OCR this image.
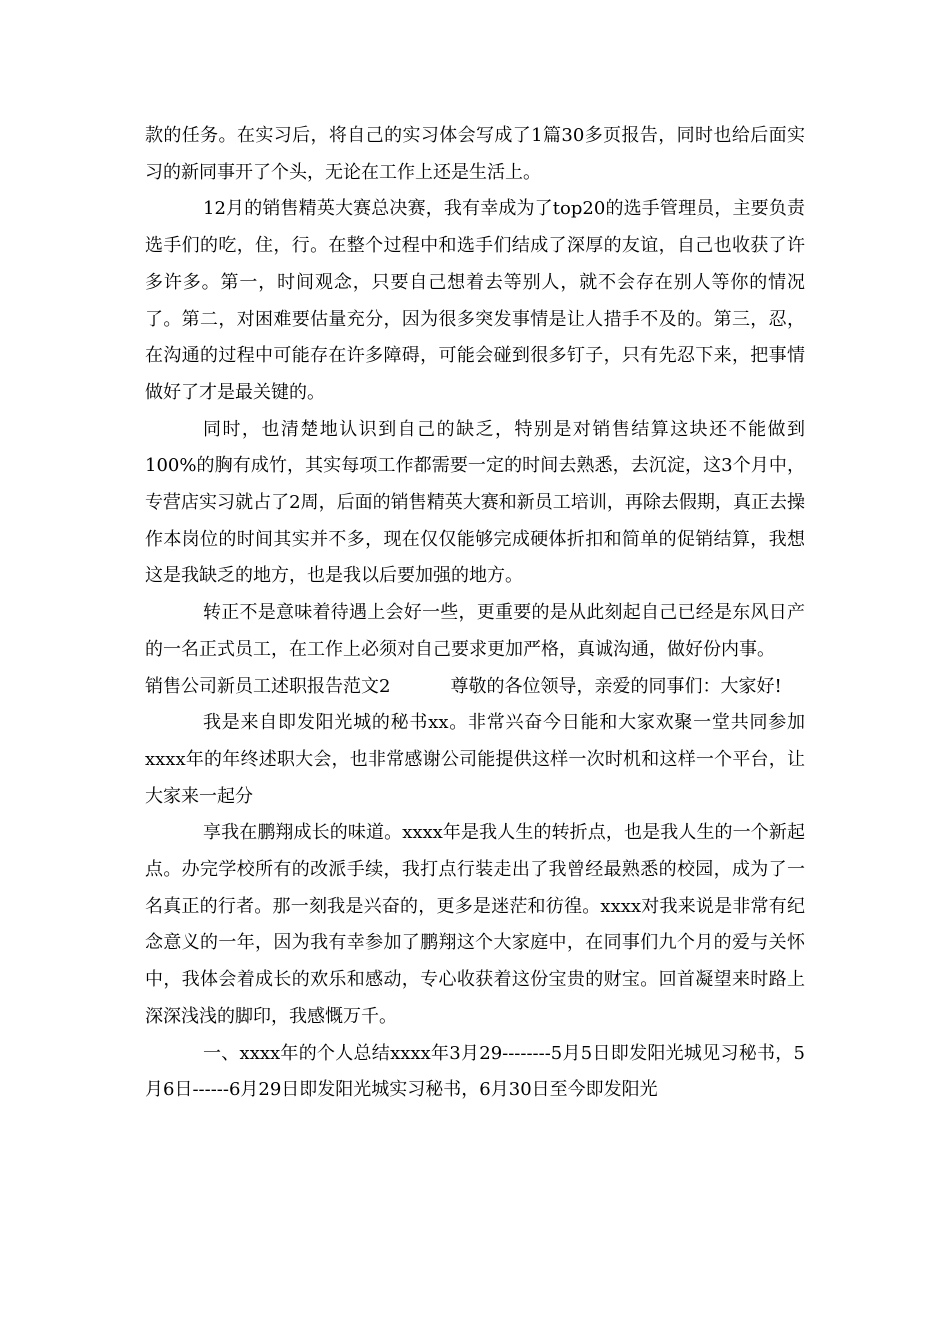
款的任务。在实习后，将自己的实习体会写成了1篇30多页报告，同时也给后面实习的新同事开了个头，无论在工作上还是生活上。

12月的销售精英大赛总决赛，我有幸成为了top20的选手管理员，主要负责选手们的吃，住，行。在整个过程中和选手们结成了深厚的友谊，自己也收获了许多许多。第一，时间观念，只要自己想着去等别人，就不会存在别人等你的情况了。第二，对困难要估量充分，因为很多突发事情是让人措手不及的。第三，忍，在沟通的过程中可能存在许多障碍，可能会碰到很多钉子，只有先忍下来，把事情做好了才是最关键的。

同时，也清楚地认识到自己的缺乏，特别是对销售结算这块还不能做到100%的胸有成竹，其实每项工作都需要一定的时间去熟悉，去沉淀，这3个月中，专营店实习就占了2周，后面的销售精英大赛和新员工培训，再除去假期，真正去操作本岗位的时间其实并不多，现在仅仅能够完成硬体折扣和简单的促销结算，我想这是我缺乏的地方，也是我以后要加强的地方。

转正不是意味着待遇上会好一些，更重要的是从此刻起自己已经是东风日产的一名正式员工，在工作上必须对自己要求更加严格，真诚沟通，做好份内事。

销售公司新员工述职报告范文2	尊敬的各位领导，亲爱的同事们：大家好!

我是来自即发阳光城的秘书xx。非常兴奋今日能和大家欢聚一堂共同参加xxxx年的年终述职大会，也非常感谢公司能提供这样一次时机和这样一个平台，让大家来一起分

享我在鹏翔成长的味道。xxxx年是我人生的转折点，也是我人生的一个新起点。办完学校所有的改派手续，我打点行装走出了我曾经最熟悉的校园，成为了一名真正的行者。那一刻我是兴奋的，更多是迷茫和彷徨。xxxx对我来说是非常有纪念意义的一年，因为我有幸参加了鹏翔这个大家庭中，在同事们九个月的爱与关怀中，我体会着成长的欢乐和感动，专心收获着这份宝贵的财宝。回首凝望来时路上深深浅浅的脚印，我感慨万千。

一、xxxx年的个人总结xxxx年3月29--------5月5日即发阳光城见习秘书，5月6日------6月29日即发阳光城实习秘书，6月30日至今即发阳光
